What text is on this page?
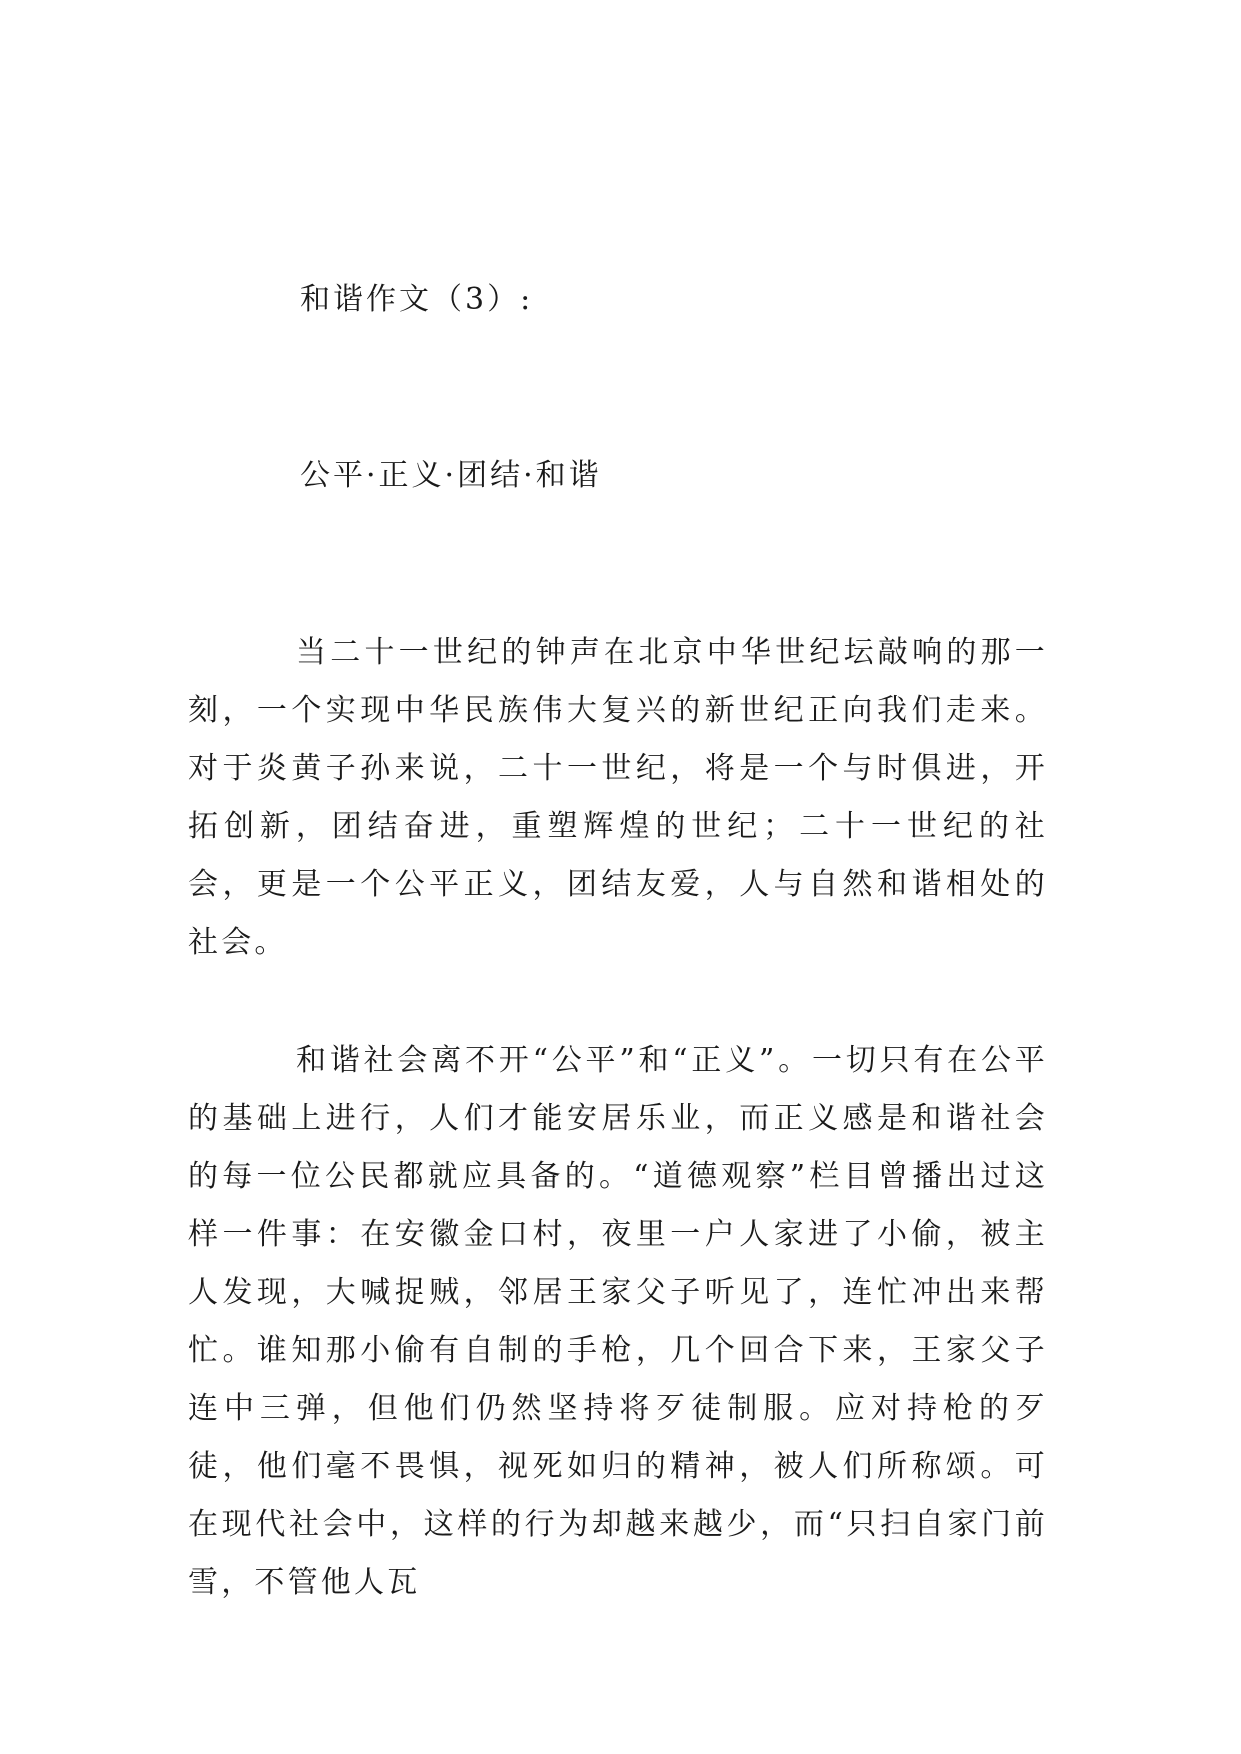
和谐作文（3）:
公平·正义·团结·和谐

当二十一世纪的钟声在北京中华世纪坛敲响的那一刻，一个实现中华民族伟大复兴的新世纪正向我们走来。对于炎黄子孙来说，二十一世纪，将是一个与时俱进，开拓创新，团结奋进，重塑辉煌的世纪；二十一世纪的社会，更是一个公平正义，团结友爱，人与自然和谐相处的社会。

和谐社会离不开“公平”和“正义”。一切只有在公平的基础上进行，人们才能安居乐业，而正义感是和谐社会的每一位公民都就应具备的。“道德观察”栏目曾播出过这样一件事：在安徽金口村，夜里一户人家进了小偷，被主人发现，大喊捉贼，邻居王家父子听见了，连忙冲出来帮忙。谁知那小偷有自制的手枪，几个回合下来，王家父子连中三弹，但他们仍然坚持将歹徒制服。应对持枪的歹徒，他们毫不畏惧，视死如归的精神，被人们所称颂。可在现代社会中，这样的行为却越来越少，而“只扫自家门前雪，不管他人瓦
